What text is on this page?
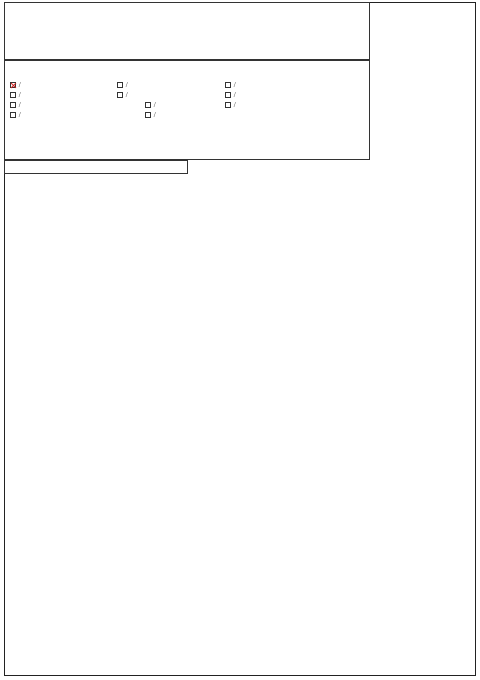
/	/	/
/	/	/
/	/	/
/	/
